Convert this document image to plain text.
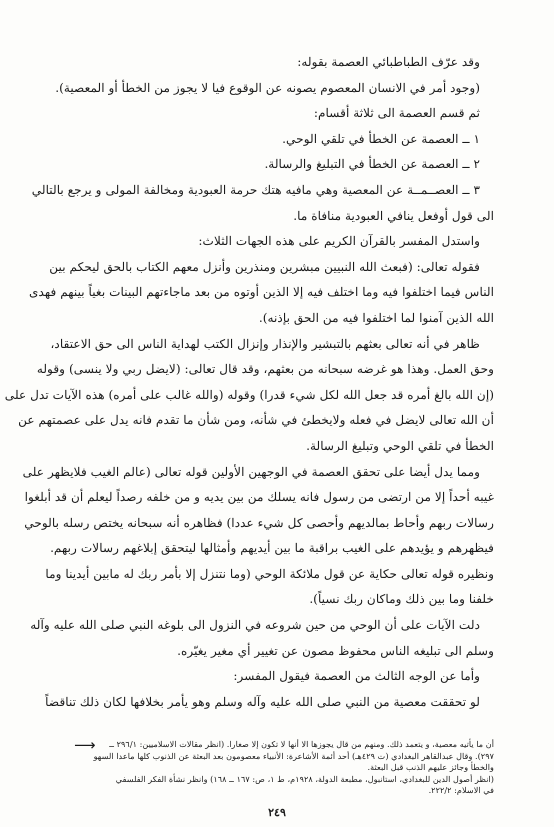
وقد عرّف الطباطبائي العصمة بقوله:
(وجود أمر في الانسان المعصوم يصونه عن الوقوع فيا لا يجوز من الخطأ أو المعصية).
ثم قسم العصمة الى ثلاثة أقسام:
١ ــ العصمة عن الخطأ في تلقي الوحي.
٢ ــ العصمة عن الخطأ في التبليغ والرسالة.
٣ ــ العصــمــة عن المعصية وهي مافيه هتك حرمة العبودية ومخالفة المولى و يرجع بالتالي
الى قول أوفعل ينافي العبودية منافاة ما.
واستدل المفسر بالقرآن الكريم على هذه الجهات الثلاث:
فقوله تعالى: (فبعث الله النبيين مبشرين ومنذرين وأنزل معهم الكتاب بالحق ليحكم بين
الناس فيما اختلفوا فيه وما اختلف فيه إلا الذين أوتوه من بعد ماجاءتهم البينات بغياً بينهم فهدى
الله الذين آمنوا لما اختلفوا فيه من الحق بإذنه).
ظاهر في أنه تعالى بعثهم بالتبشير والإنذار وإنزال الكتب لهداية الناس الى حق الاعتقاد،
وحق العمل. وهذا هو غرضه سبحانه من بعثهم، وقد قال تعالى: (لايضل ربي ولا ينسى) وقوله
(إن الله بالغ أمره قد جعل الله لكل شيء قدرا) وقوله (والله غالب على أمره) هذه الآيات تدل على
أن الله تعالى لايضل في فعله ولايخطئ في شأنه، ومن شأن ما تقدم فانه يدل على عصمتهم عن
الخطأ في تلقي الوحي وتبليغ الرسالة.
ومما يدل أيضا على تحقق العصمة في الوجهين الأولين قوله تعالى (عالم الغيب فلايظهر على
غيبه أحداً إلا من ارتضى من رسول فانه يسلك من بين يديه و من خلفه رصداً ليعلم أن قد أبلغوا
رسالات ربهم وأحاط بمالديهم وأحصى كل شيء عددا) فظاهره أنه سبحانه يختص رسله بالوحي
فيظهرهم و يؤيدهم على الغيب براقبة ما بين أيديهم وأمثالها ليتحقق إبلاغهم رسالات ربهم.
ونظيره قوله تعالى حكاية عن قول ملائكة الوحي (وما نتنزل إلا بأمر ربك له مابين أيدينا وما
خلفنا وما بين ذلك وماكان ربك نسياً).
دلت الآيات على أن الوحي من حين شروعه في النزول الى بلوغه النبي صلى الله عليه وآله
وسلم الى تبليغه الناس محفوظ مصون عن تغيير أي مغير يغيّره.
وأما عن الوجه الثالث من العصمة فيقول المفسر:
لو تحققت معصية من النبي صلى الله عليه وآله وسلم وهو يأمر بخلافها لكان ذلك تناقضاً
⟶	أن ما يأتيه معصية، و يتعمد ذلك. ومنهم من قال يجوزها الا أنها لا تكون إلا صغارا. (انظر مقالات الاسلاميين: ٢٩٦/١ ــ
٢٩٧). وقال عبدالقاهر البغدادي (ت ٤٢٩هـ) أحد أئمة الأشاعرة: الأنبياء معصومون بعد البعثة عن الذنوب كلها ماعدا السهو
والخطأ وجائز عليهم الذنب قبل البعثة.
(انظر أصول الدين للبغدادي، استانبول، مطبعة الدولة، ١٩٢٨م، ط ١، ص: ١٦٧ ــ ١٦٨) وانظر نشأة الفكر الفلسفي
في الاسلام: ٢٢٢/٢.
٢٤٩
